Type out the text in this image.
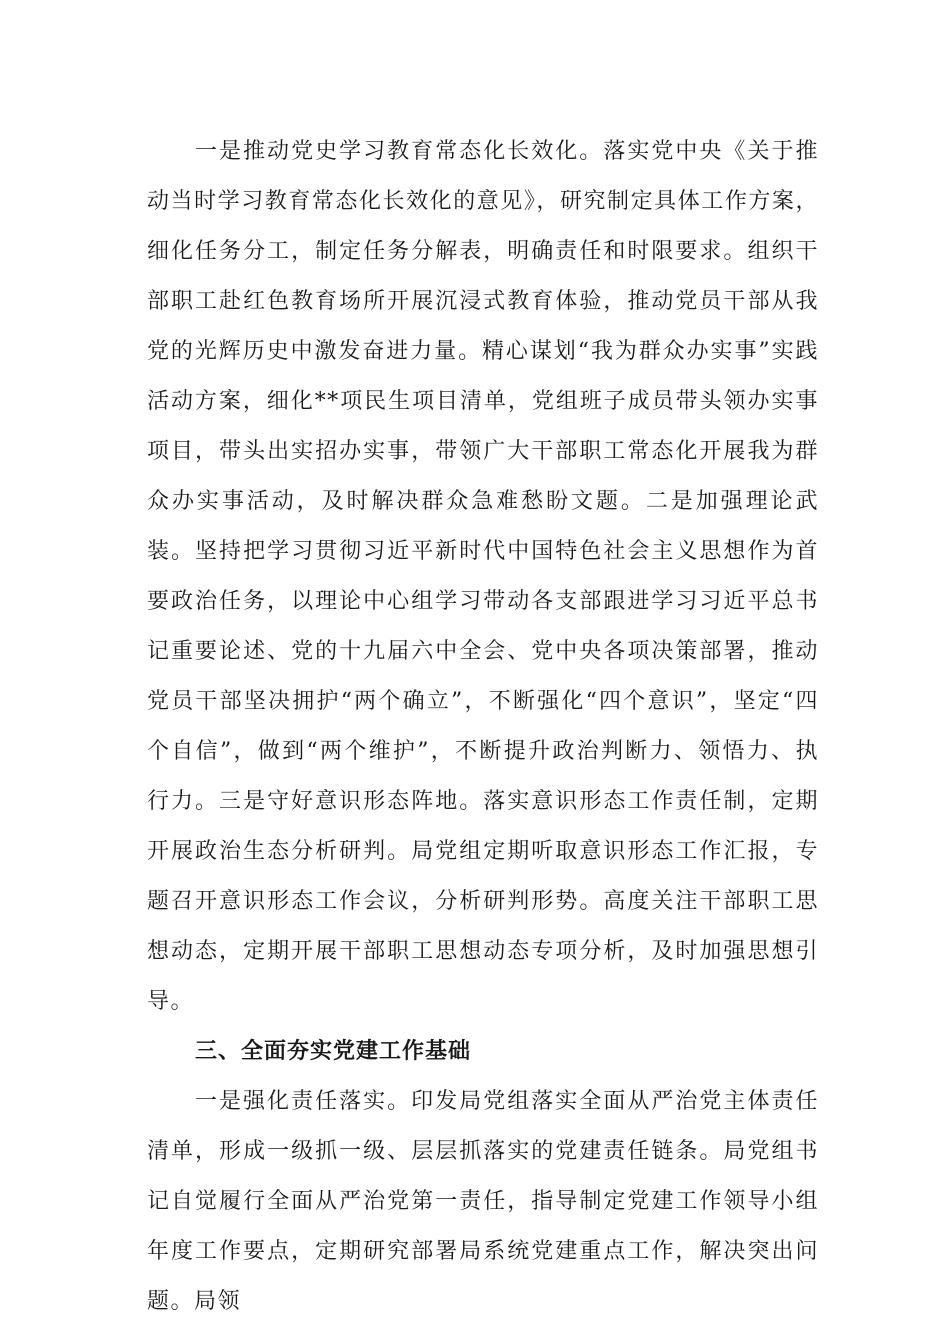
一是推动党史学习教育常态化长效化。落实党中央《关于推动当时学习教育常态化长效化的意见》，研究制定具体工作方案，细化任务分工，制定任务分解表，明确责任和时限要求。组织干部职工赴红色教育场所开展沉浸式教育体验，推动党员干部从我党的光辉历史中激发奋进力量。精心谋划“我为群众办实事”实践活动方案，细化**项民生项目清单，党组班子成员带头领办实事项目，带头出实招办实事，带领广大干部职工常态化开展我为群众办实事活动，及时解决群众急难愁盼文题。二是加强理论武装。坚持把学习贯彻习近平新时代中国特色社会主义思想作为首要政治任务，以理论中心组学习带动各支部跟进学习习近平总书记重要论述、党的十九届六中全会、党中央各项决策部署，推动党员干部坚决拥护“两个确立”，不断强化“四个意识”，坚定“四个自信”，做到“两个维护”，不断提升政治判断力、领悟力、执行力。三是守好意识形态阵地。落实意识形态工作责任制，定期开展政治生态分析研判。局党组定期听取意识形态工作汇报，专题召开意识形态工作会议，分析研判形势。高度关注干部职工思想动态，定期开展干部职工思想动态专项分析，及时加强思想引导。

三、全面夯实党建工作基础

一是强化责任落实。印发局党组落实全面从严治党主体责任清单，形成一级抓一级、层层抓落实的党建责任链条。局党组书记自觉履行全面从严治党第一责任，指导制定党建工作领导小组年度工作要点，定期研究部署局系统党建重点工作，解决突出问题。局领
